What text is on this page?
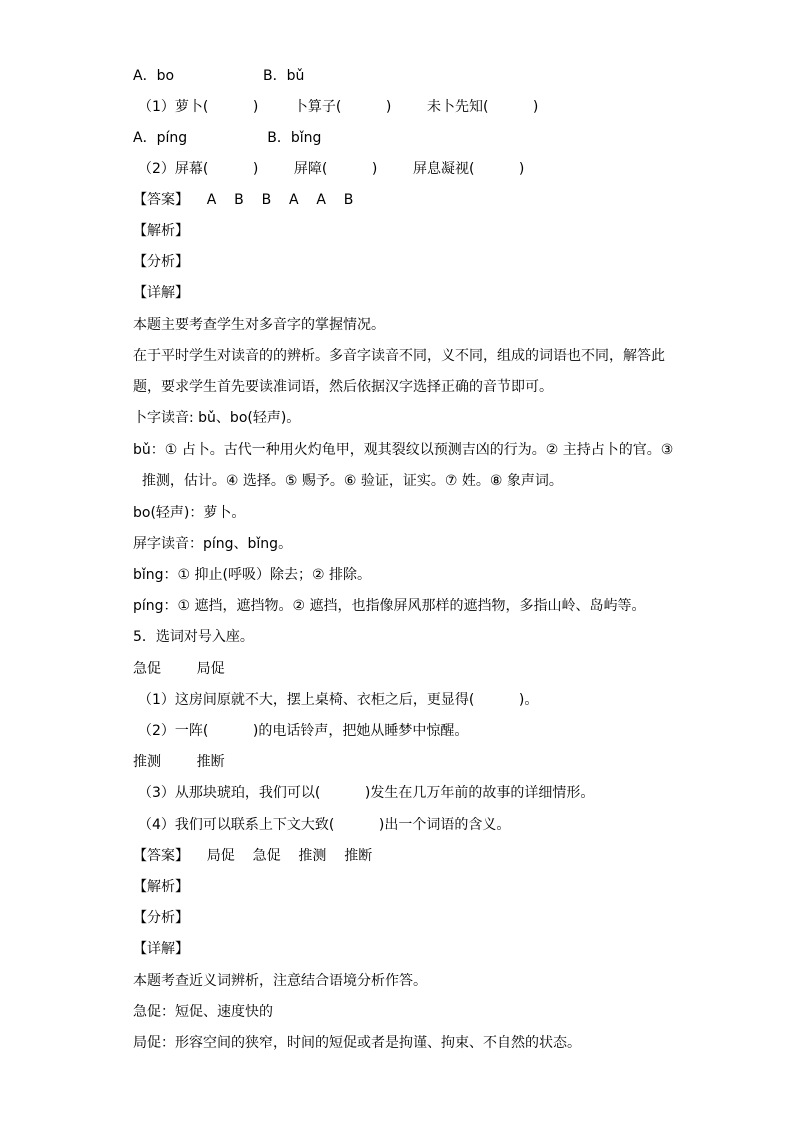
A．bo                    B．bǔ
（1）萝卜(          )        卜算子(          )        未卜先知(          )
A．píng                  B．bǐng
（2）屏幕(          )        屏障(          )        屏息凝视(          )
【答案】    A    B    B    A    A    B
【解析】
【分析】
【详解】
本题主要考查学生对多音字的掌握情况。
在于平时学生对读音的的辨析。多音字读音不同，义不同，组成的词语也不同，解答此
题，要求学生首先要读准词语，然后依据汉字选择正确的音节即可。
卜字读音: bǔ、bo(轻声)。
bǔ：① 占卜。古代一种用火灼龟甲，观其裂纹以预测吉凶的行为。② 主持占卜的官。③
推测，估计。④ 选择。⑤ 赐予。⑥ 验证，证实。⑦ 姓。⑧ 象声词。
bo(轻声)：萝卜。
屏字读音：píng、bǐng。
bǐng：① 抑止(呼吸）除去；② 排除。
píng：① 遮挡，遮挡物。② 遮挡，也指像屏风那样的遮挡物，多指山岭、岛屿等。
5．选词对号入座。
急促        局促
（1）这房间原就不大，摆上桌椅、衣柜之后，更显得(          )。
（2）一阵(          )的电话铃声，把她从睡梦中惊醒。
推测        推断
（3）从那块琥珀，我们可以(          )发生在几万年前的故事的详细情形。
（4）我们可以联系上下文大致(          )出一个词语的含义。
【答案】    局促    急促    推测    推断
【解析】
【分析】
【详解】
本题考查近义词辨析，注意结合语境分析作答。
急促：短促、速度快的
局促：形容空间的狭窄，时间的短促或者是拘谨、拘束、不自然的状态。
